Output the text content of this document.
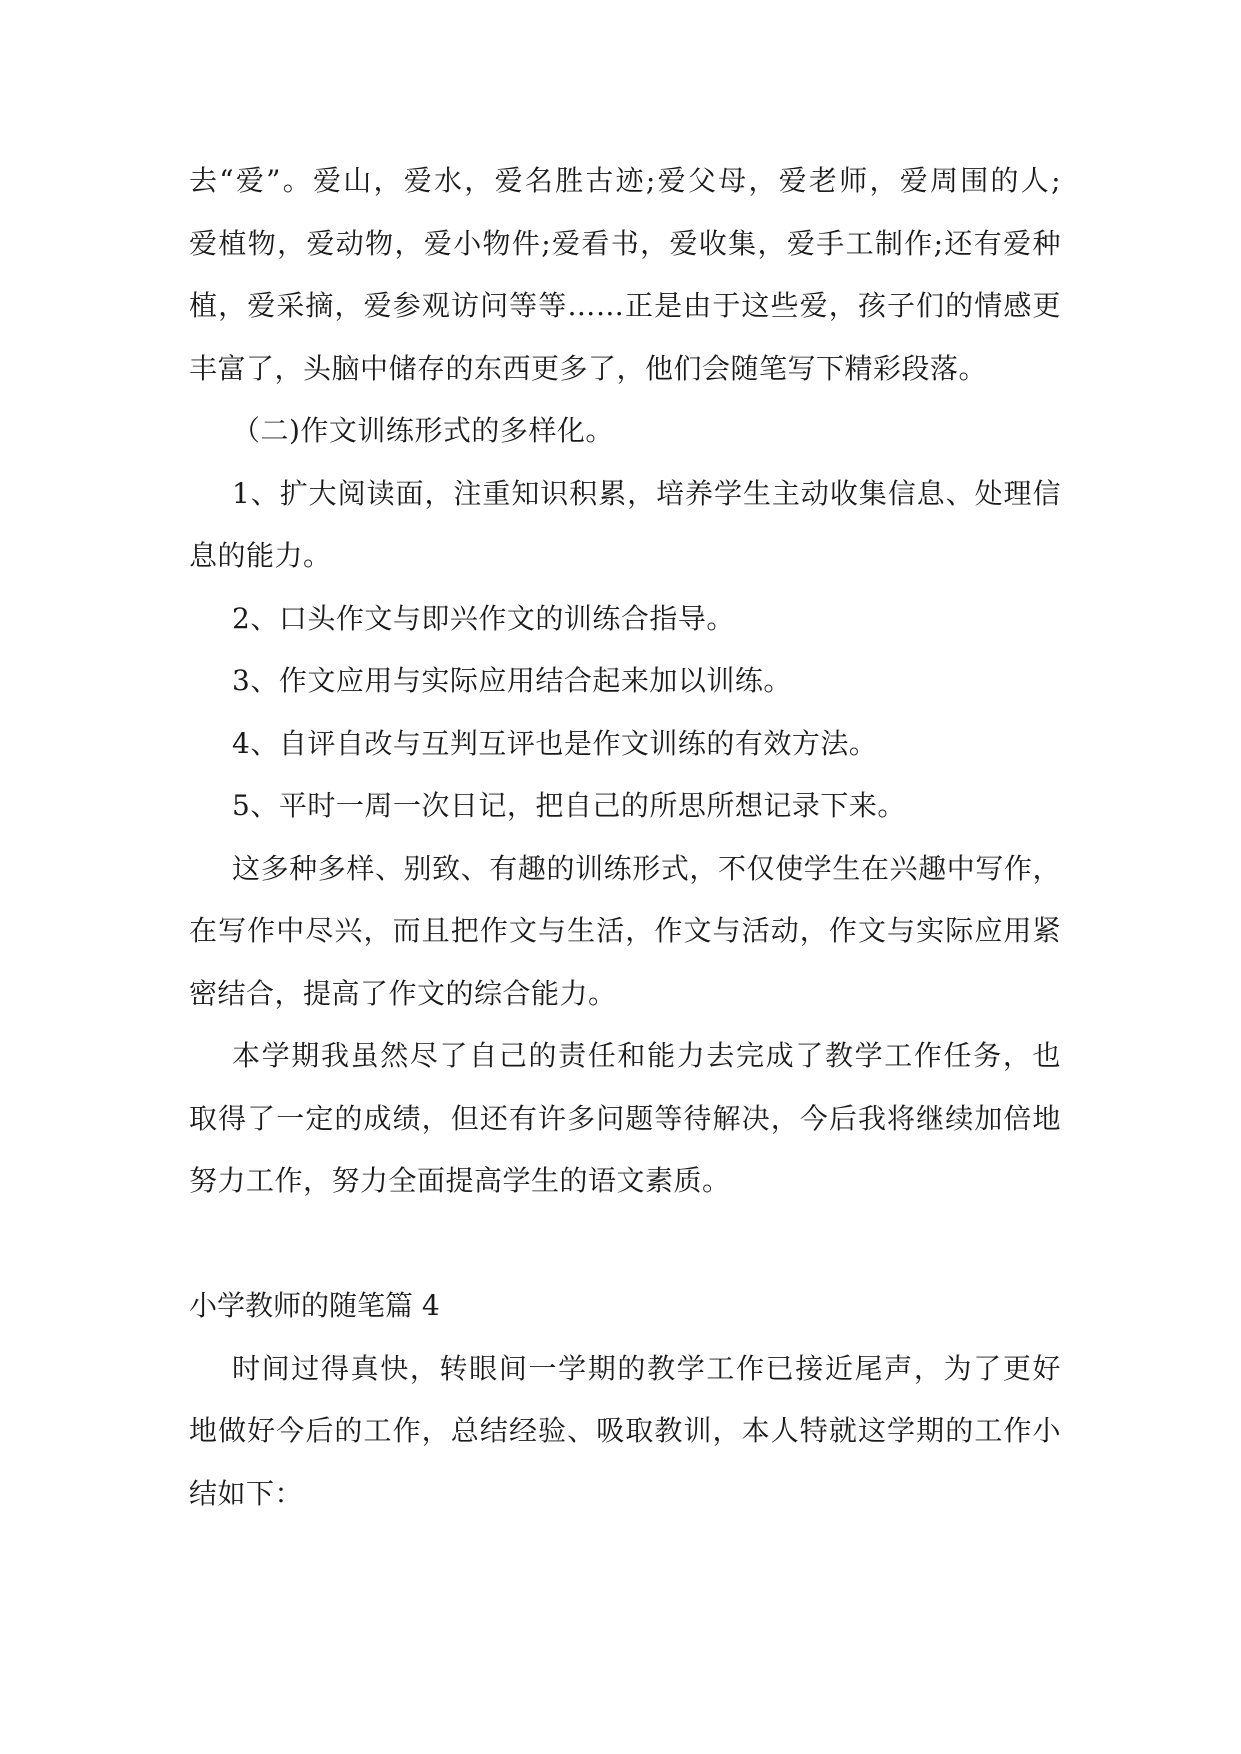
去“爱”。爱山，爱水，爱名胜古迹;爱父母，爱老师，爱周围的人;
爱植物，爱动物，爱小物件;爱看书，爱收集，爱手工制作;还有爱种
植，爱采摘，爱参观访问等等……正是由于这些爱，孩子们的情感更
丰富了，头脑中储存的东西更多了，他们会随笔写下精彩段落。
（二)作文训练形式的多样化。
1、扩大阅读面，注重知识积累，培养学生主动收集信息、处理信
息的能力。
2、口头作文与即兴作文的训练合指导。
3、作文应用与实际应用结合起来加以训练。
4、自评自改与互判互评也是作文训练的有效方法。
5、平时一周一次日记，把自己的所思所想记录下来。
这多种多样、别致、有趣的训练形式，不仅使学生在兴趣中写作，
在写作中尽兴，而且把作文与生活，作文与活动，作文与实际应用紧
密结合，提高了作文的综合能力。
本学期我虽然尽了自己的责任和能力去完成了教学工作任务，也
取得了一定的成绩，但还有许多问题等待解决，今后我将继续加倍地
努力工作，努力全面提高学生的语文素质。
小学教师的随笔篇 4
时间过得真快，转眼间一学期的教学工作已接近尾声，为了更好
地做好今后的工作，总结经验、吸取教训，本人特就这学期的工作小
结如下：
